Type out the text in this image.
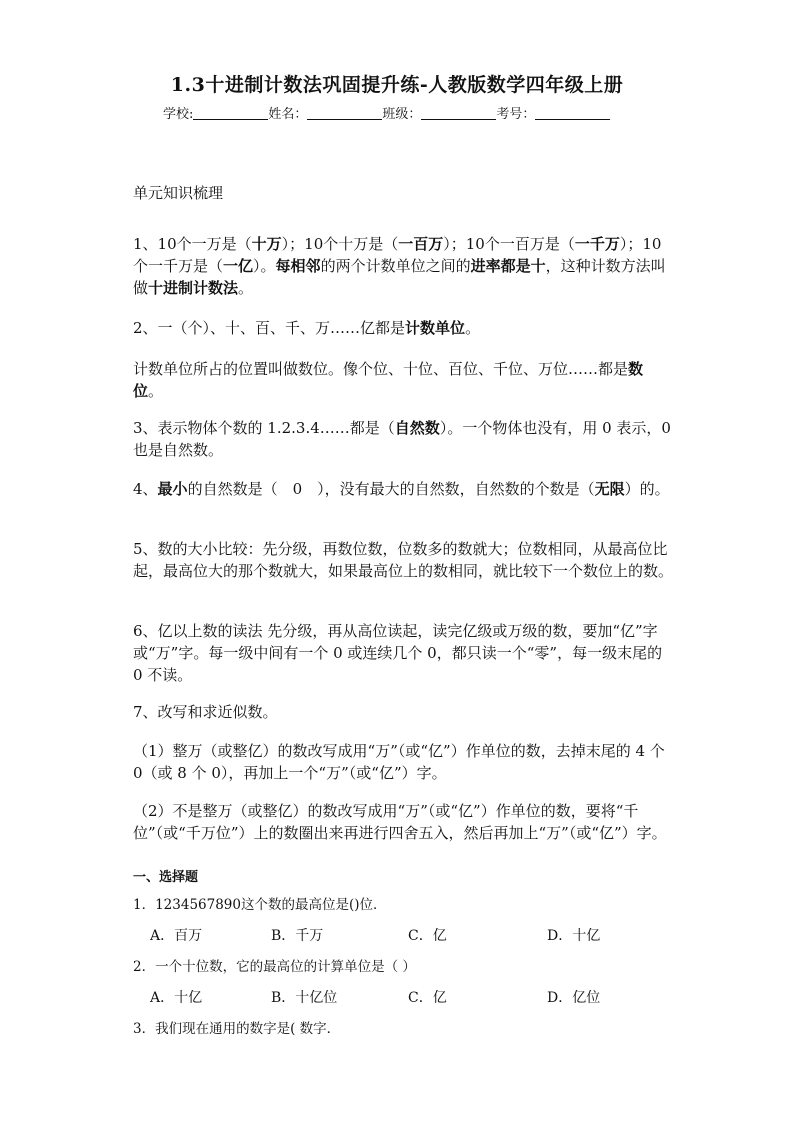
1.3十进制计数法巩固提升练-人教版数学四年级上册
学校:	姓名：	班级：	考号：
单元知识梳理

1、10个一万是（十万）；10个十万是（一百万）；10个一百万是（一千万）；10个一千万是（一亿）。每相邻的两个计数单位之间的进率都是十，这种计数方法叫做十进制计数法。

2、一（个）、十、百、千、万……亿都是计数单位。

计数单位所占的位置叫做数位。像个位、十位、百位、千位、万位……都是数位。

3、表示物体个数的 1.2.3.4……都是（自然数）。一个物体也没有，用 0 表示，0 也是自然数。

4、最小的自然数是（　0　），没有最大的自然数，自然数的个数是（无限）的。

5、数的大小比较：先分级，再数位数，位数多的数就大；位数相同，从最高位比起，最高位大的那个数就大，如果最高位上的数相同，就比较下一个数位上的数。

6、亿以上数的读法 先分级，再从高位读起，读完亿级或万级的数，要加“亿”字或“万”字。每一级中间有一个 0 或连续几个 0，都只读一个“零”，每一级末尾的 0 不读。

7、改写和求近似数。

（1）整万（或整亿）的数改写成用“万”（或“亿”）作单位的数，去掉末尾的 4 个 0（或 8 个 0），再加上一个“万”（或“亿”）字。

（2）不是整万（或整亿）的数改写成用“万”（或“亿”）作单位的数，要将“千位”（或“千万位”）上的数圈出来再进行四舍五入，然后再加上“万”（或“亿”）字。

一、选择题
1．1234567890这个数的最高位是()位．
A．百万	B．千万	C．亿	D．十亿
2．一个十位数，它的最高位的计算单位是（ ）
A．十亿	B．十亿位	C．亿	D．亿位
3．我们现在通用的数字是( 数字．
